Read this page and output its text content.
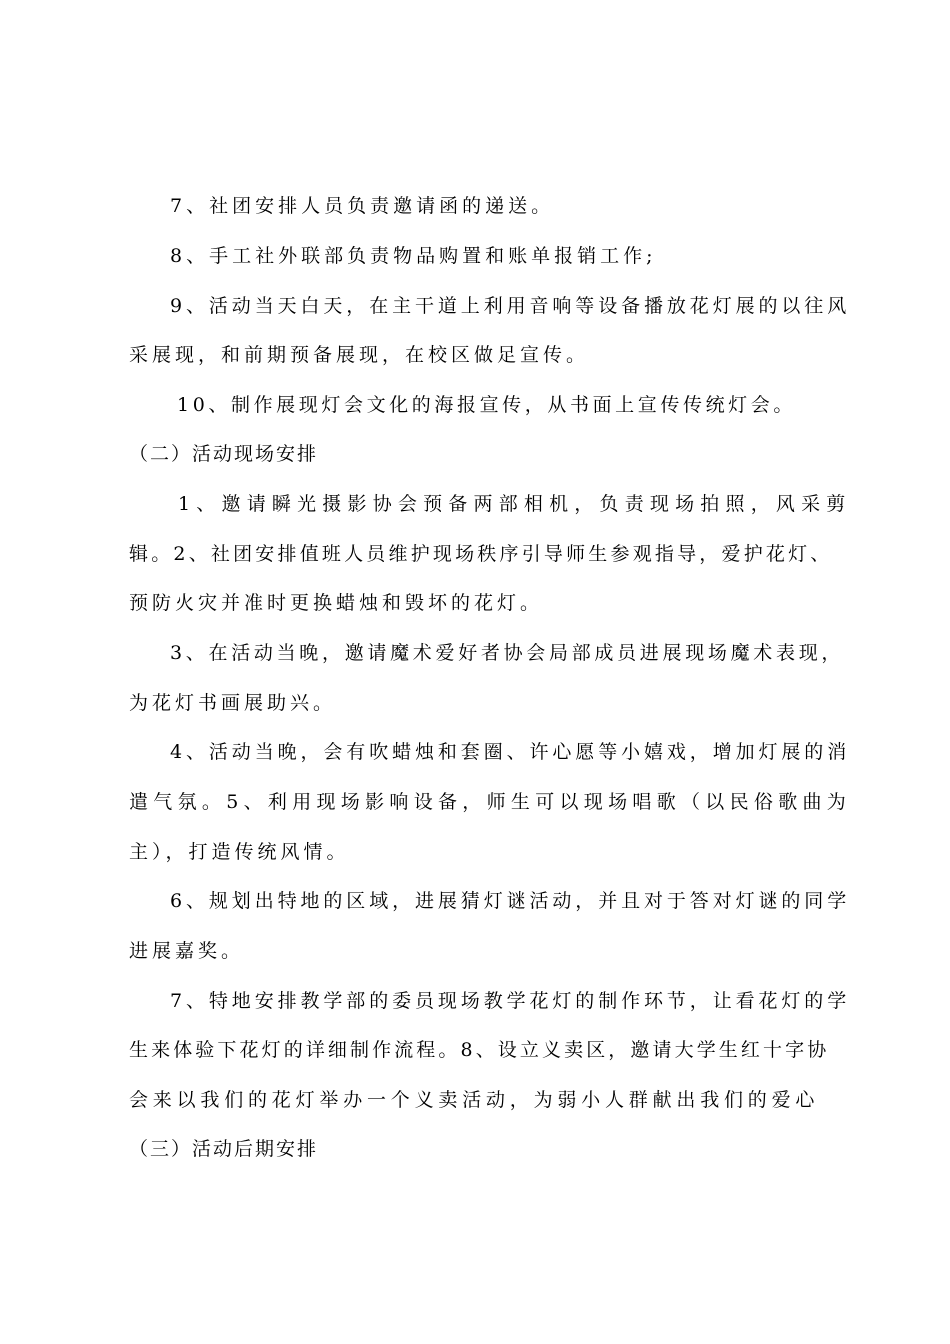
7、社团安排人员负责邀请函的递送。
8、手工社外联部负责物品购置和账单报销工作;
9、活动当天白天，在主干道上利用音响等设备播放花灯展的以往风
采展现，和前期预备展现，在校区做足宣传。
10、制作展现灯会文化的海报宣传，从书面上宣传传统灯会。
（二）活动现场安排
1、邀请瞬光摄影协会预备两部相机，负责现场拍照，风采剪
辑。2、社团安排值班人员维护现场秩序引导师生参观指导，爱护花灯、
预防火灾并准时更换蜡烛和毁坏的花灯。
3、在活动当晚，邀请魔术爱好者协会局部成员进展现场魔术表现，
为花灯书画展助兴。
4、活动当晚，会有吹蜡烛和套圈、许心愿等小嬉戏，增加灯展的消
遣气氛。5、利用现场影响设备，师生可以现场唱歌（以民俗歌曲为
主），打造传统风情。
6、规划出特地的区域，进展猜灯谜活动，并且对于答对灯谜的同学
进展嘉奖。
7、特地安排教学部的委员现场教学花灯的制作环节，让看花灯的学
生来体验下花灯的详细制作流程。8、设立义卖区，邀请大学生红十字协
会来以我们的花灯举办一个义卖活动，为弱小人群献出我们的爱心
（三）活动后期安排
